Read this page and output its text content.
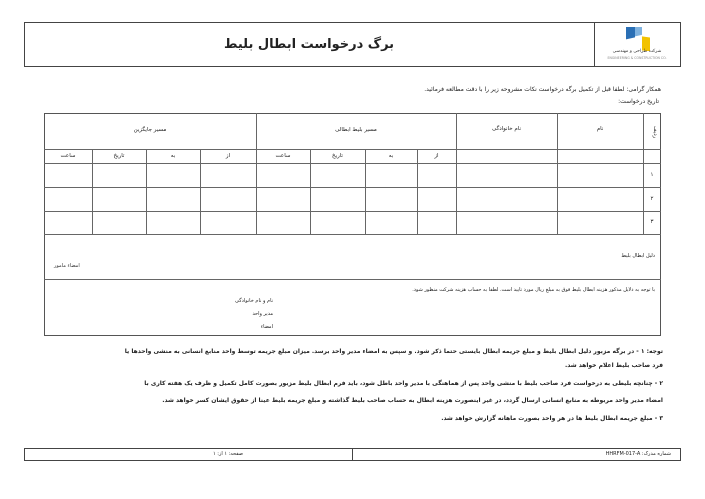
برگ درخواست ابطال بلیط	شرکت طراحی و مهندسی
ENGINEERING & CONSTRUCTION CO.
همکار گرامی: لطفا قبل از تکمیل برگه درخواست نکات مشروحه زیر را با دقت مطالعه فرمائید.
تاریخ درخواست:
ردیف
نام
نام خانوادگی
مسیر بلیط ابطالی
مسیر جایگزین
از
به
تاریخ
ساعت
از
به
تاریخ
ساعت
۱
۲
۳
دلیل ابطال بلیط
امضاء مامور
با توجه به دلایل مذکور هزینه ابطال بلیط فوق به مبلغ ریال مورد تایید است. لطفا به حساب هزینه شرکت منظور شود.
نام و نام خانوادگی
مدیر واحد
امضاء
توجه: ۱ - در برگه مزبور دلیل ابطال بلیط و مبلغ جریمه ابطال بایستی حتما ذکر شود. و سپس به امضاء مدیر واحد برسد. میزان مبلغ جریمه توسط واحد منابع انسانی به منشی واحدها یا
فرد صاحب بلیط اعلام خواهد شد.
۲ - چنانچه بلیطی به درخواست فرد صاحب بلیط با منشی واحد پس از هماهنگی با مدیر واحد باطل شود، باید فرم ابطال بلیط مزبور بصورت کامل تکمیل و ظرف یک هفته کاری با
امضاء مدیر واحد مربوطه به منابع انسانی ارسال گردد، در غیر اینصورت هزینه ابطال به حساب صاحب بلیط گذاشته و مبلغ جریمه بلیط عینا از حقوق ایشان کسر خواهد شد.
۳ - مبلغ جریمه ابطال بلیط ها در هر واحد بصورت ماهانه گزارش خواهد شد.
شماره مدرک: HHRFM-017-A
صفحه: ۱ از: ۱
